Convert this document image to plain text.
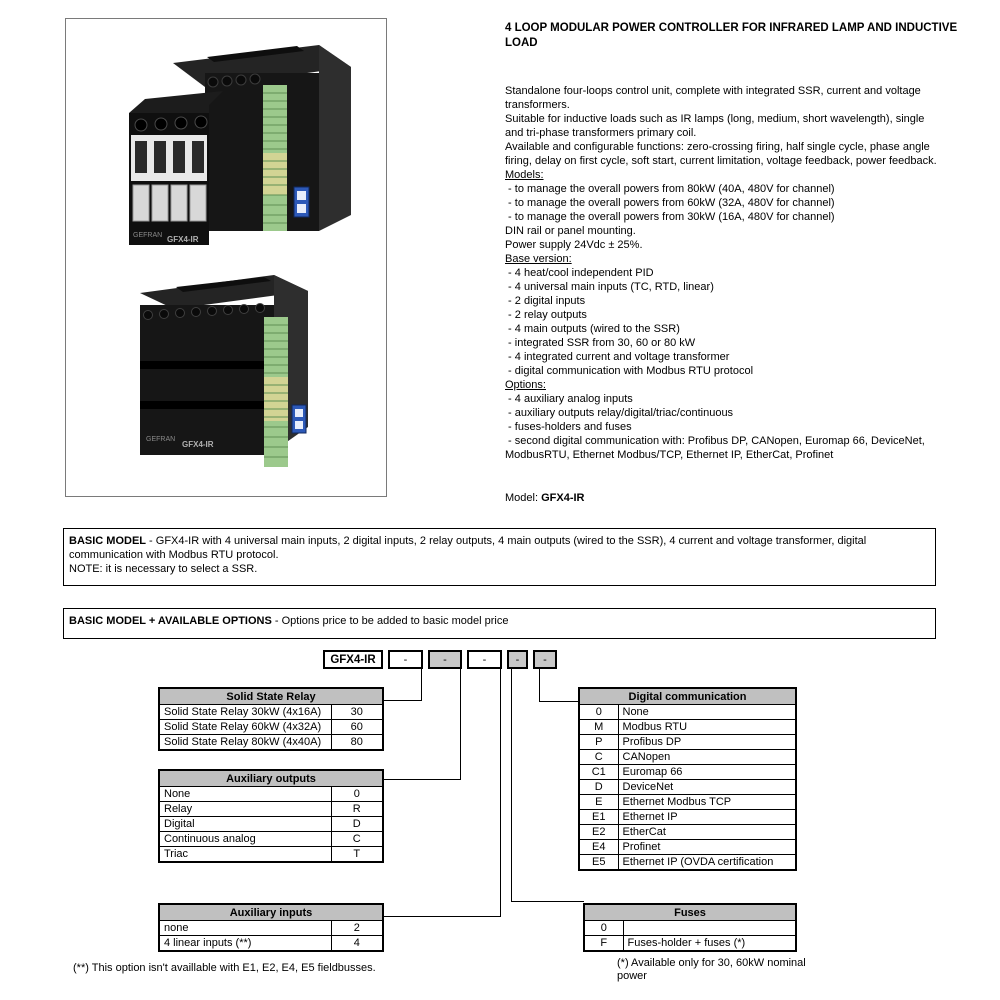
GEFRAN GFX4-IR
GEFRAN
GFX4-IR
4 LOOP MODULAR POWER CONTROLLER FOR INFRARED LAMP AND INDUCTIVE LOAD
Standalone four-loops control unit, complete with integrated SSR, current and voltage
transformers.
Suitable for inductive loads such as IR lamps (long, medium, short wavelength), single
and tri-phase transformers primary coil.
Available and configurable functions: zero-crossing firing, half single cycle, phase angle
firing, delay on first cycle, soft start, current limitation, voltage feedback, power feedback.
Models:
- to manage the overall powers from 80kW (40A, 480V for channel)
- to manage the overall powers from 60kW (32A, 480V for channel)
- to manage the overall powers from 30kW (16A, 480V for channel)
DIN rail or panel mounting.
Power supply 24Vdc ± 25%.
Base version:
- 4 heat/cool independent PID
- 4 universal main inputs (TC, RTD, linear)
- 2 digital inputs
- 2 relay outputs
- 4 main outputs (wired to the SSR)
- integrated SSR from 30, 60 or 80 kW
- 4 integrated current and voltage transformer
- digital communication with Modbus RTU protocol
Options:
- 4 auxiliary analog inputs
- auxiliary outputs relay/digital/triac/continuous
- fuses-holders and fuses
- second digital communication with: Profibus DP, CANopen, Euromap 66, DeviceNet,
ModbusRTU, Ethernet Modbus/TCP, Ethernet IP, EtherCat, Profinet
Model: GFX4-IR
BASIC MODEL - GFX4-IR with 4 universal main inputs, 2 digital inputs, 2 relay outputs, 4 main outputs (wired to the SSR), 4 current and voltage transformer, digital communication with Modbus RTU protocol.
NOTE: it is necessary to select a SSR.
BASIC MODEL + AVAILABLE OPTIONS - Options price to be added to basic model price
GFX4-IR	-	-	-	-	-
Solid State Relay	
Solid State Relay 30kW (4x16A)	30
Solid State Relay 60kW (4x32A)	60
Solid State Relay 80kW (4x40A)	80
Auxiliary outputs	
None	0
Relay	R
Digital	D
Continuous analog	C
Triac	T
Auxiliary inputs	
none	2
4 linear inputs (**)	4
Digital communication	
0	None
M	Modbus RTU
P	Profibus DP
C	CANopen
C1	Euromap 66
D	DeviceNet
E	Ethernet Modbus TCP
E1	Ethernet IP
E2	EtherCat
E4	Profinet
E5	Ethernet IP (OVDA certification
Fuses	
0	
F	Fuses-holder + fuses (*)
(*) Available only for 30, 60kW nominal power
(**) This option isn't availlable with E1, E2, E4, E5 fieldbusses.
